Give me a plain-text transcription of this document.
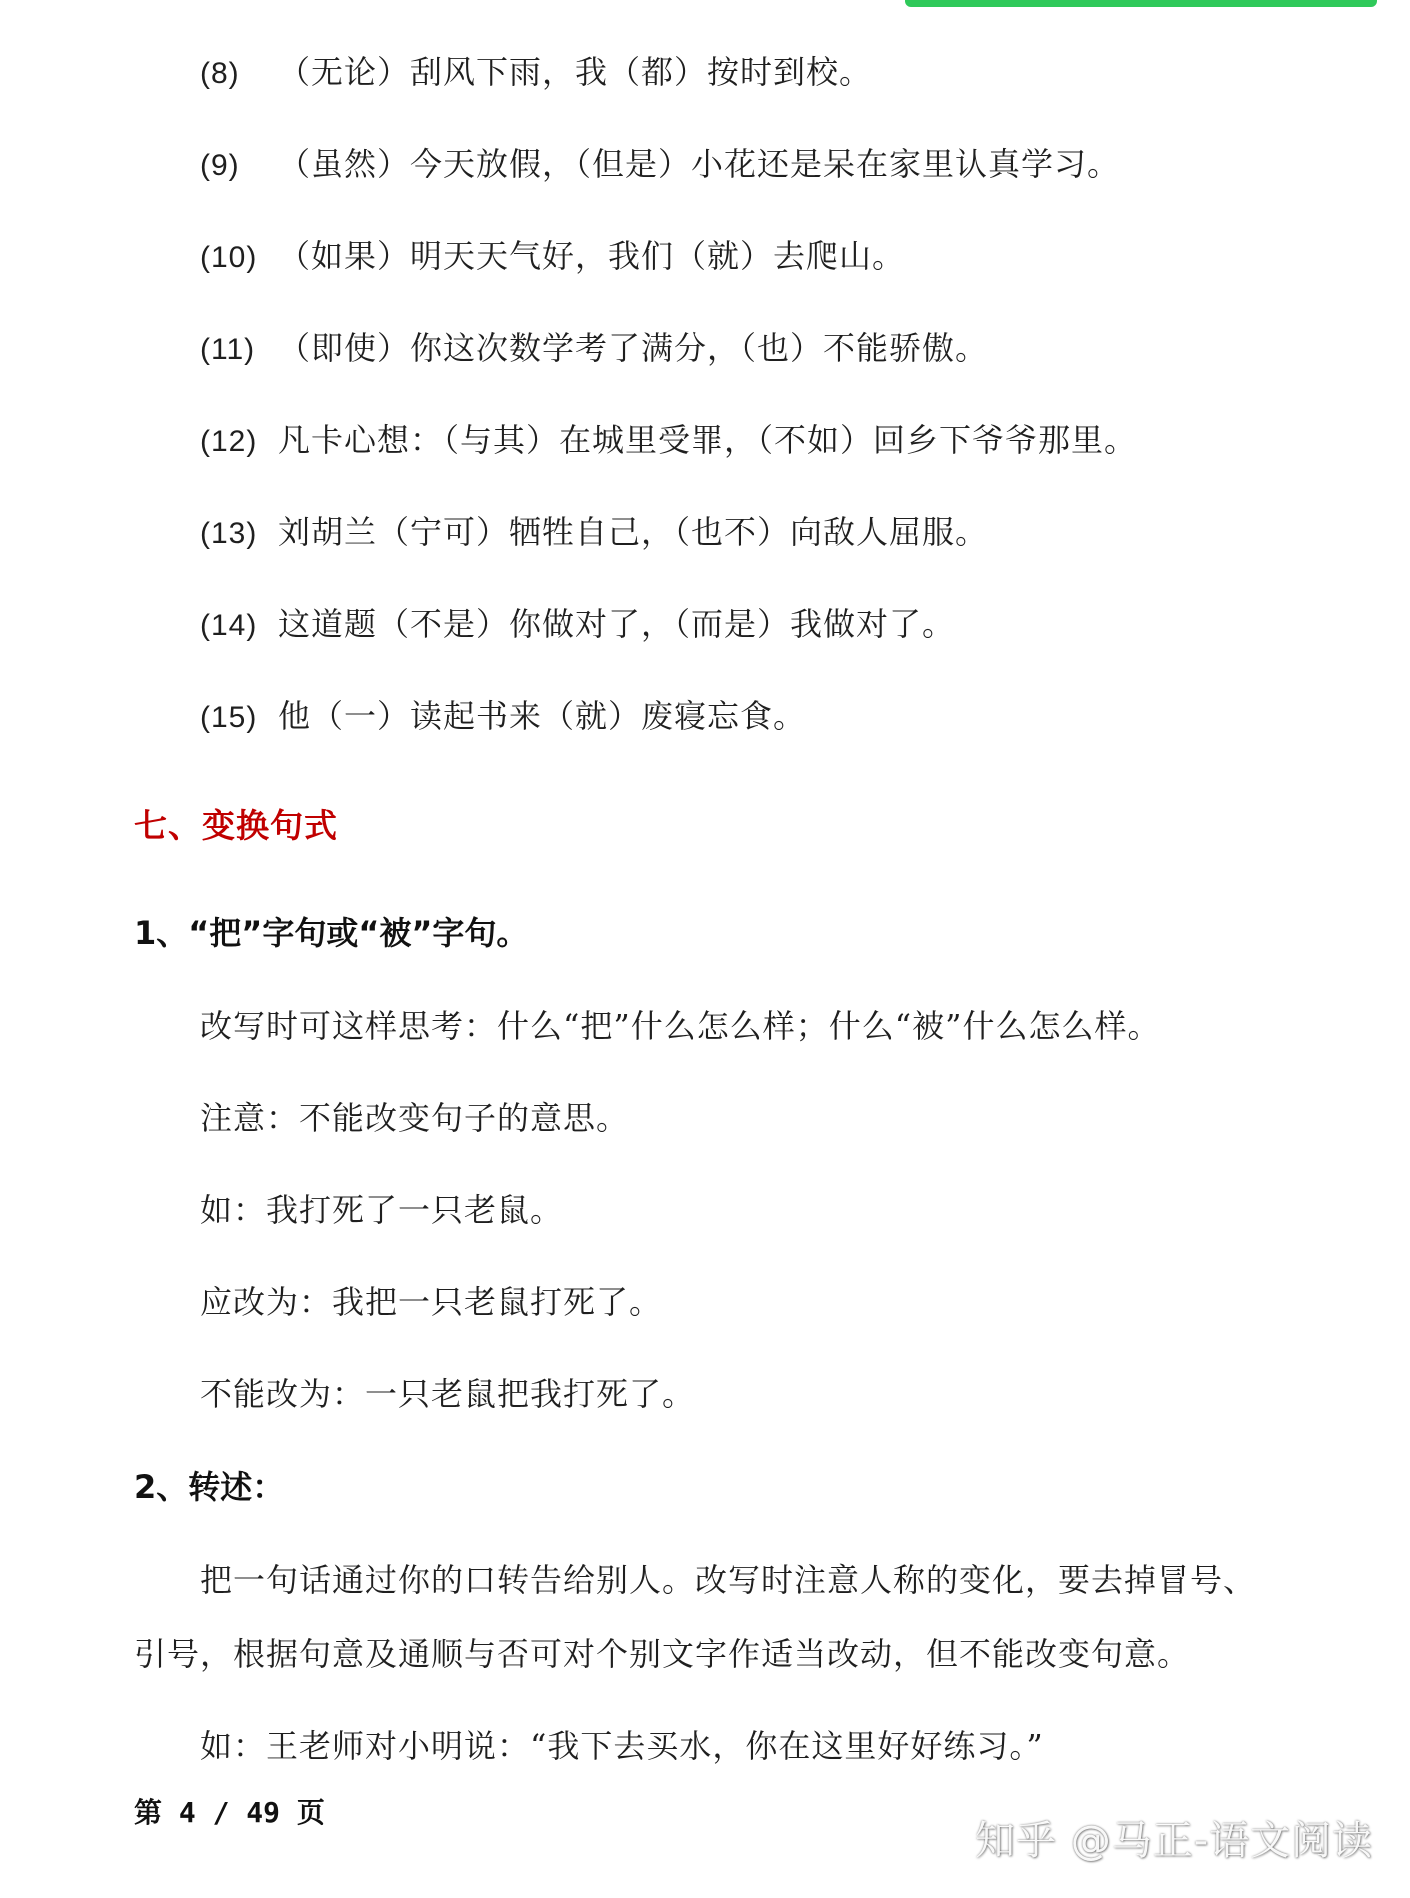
(8) （无论）刮风下雨，我（都）按时到校。
(9) （虽然）今天放假，（但是）小花还是呆在家里认真学习。
(10) （如果）明天天气好，我们（就）去爬山。
(11) （即使）你这次数学考了满分，（也）不能骄傲。
(12) 凡卡心想：（与其）在城里受罪，（不如）回乡下爷爷那里。
(13) 刘胡兰（宁可）牺牲自己，（也不）向敌人屈服。
(14) 这道题（不是）你做对了，（而是）我做对了。
(15) 他（一）读起书来（就）废寝忘食。
七、变换句式
1、“把”字句或“被”字句。
改写时可这样思考：什么“把”什么怎么样；什么“被”什么怎么样。
注意：不能改变句子的意思。
如：我打死了一只老鼠。
应改为：我把一只老鼠打死了。
不能改为：一只老鼠把我打死了。
2、转述：
把一句话通过你的口转告给别人。改写时注意人称的变化，要去掉冒号、
引号，根据句意及通顺与否可对个别文字作适当改动，但不能改变句意。
如：王老师对小明说：“我下去买水，你在这里好好练习。”
第 4 / 49 页
知乎 @马正-语文阅读
